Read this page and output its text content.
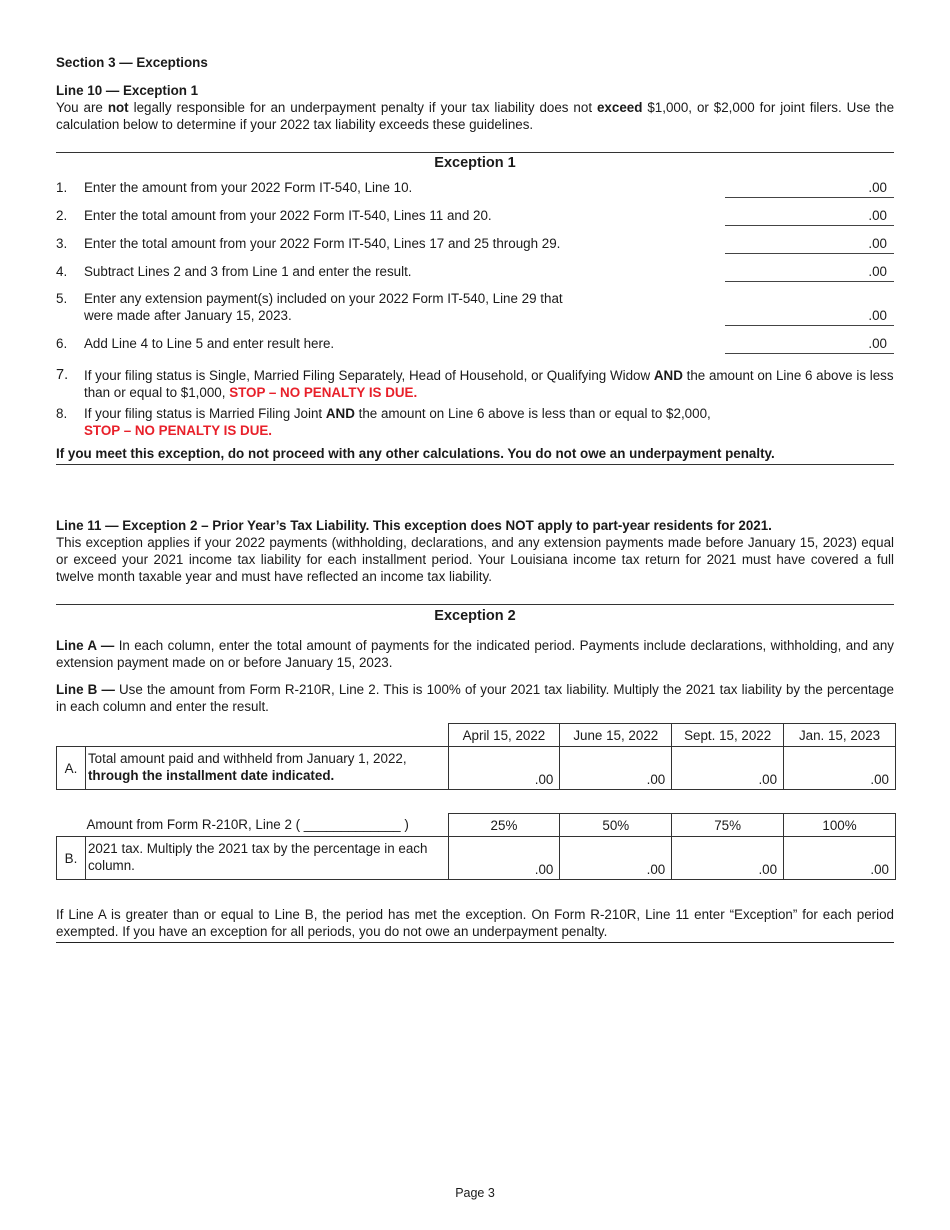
Section 3 — Exceptions
Line 10 — Exception 1
You are not legally responsible for an underpayment penalty if your tax liability does not exceed $1,000, or $2,000 for joint filers. Use the calculation below to determine if your 2022 tax liability exceeds these guidelines.
Exception 1
1.	Enter the amount from your 2022 Form IT-540, Line 10.	.00
2.	Enter the total amount from your 2022 Form IT-540, Lines 11 and 20.	.00
3.	Enter the total amount from your 2022 Form IT-540, Lines 17 and 25 through 29.	.00
4.	Subtract Lines 2 and 3 from Line 1 and enter the result.	.00
5.	Enter any extension payment(s) included on your 2022 Form IT-540, Line 29 that
were made after January 15, 2023.	.00
6.	Add Line 4 to Line 5 and enter result here.	.00
7.	If your filing status is Single, Married Filing Separately, Head of Household, or Qualifying Widow AND the amount on Line 6 above is less than or equal to $1,000, STOP – NO PENALTY IS DUE.
8.	If your filing status is Married Filing Joint AND the amount on Line 6 above is less than or equal to $2,000,
STOP – NO PENALTY IS DUE.
If you meet this exception, do not proceed with any other calculations. You do not owe an underpayment penalty.
Line 11 — Exception 2 – Prior Year’s Tax Liability. This exception does NOT apply to part-year residents for 2021.
This exception applies if your 2022 payments (withholding, declarations, and any extension payments made before January 15, 2023) equal or exceed your 2021 income tax liability for each installment period. Your Louisiana income tax return for 2021 must have covered a full twelve month taxable year and must have reflected an income tax liability.
Exception 2
Line A — In each column, enter the total amount of payments for the indicated period. Payments include declarations, withholding, and any extension payment made on or before January 15, 2023.
Line B — Use the amount from Form R-210R, Line 2. This is 100% of your 2021 tax liability. Multiply the 2021 tax liability by the percentage in each column and enter the result.
		April 15, 2022	June 15, 2022	Sept. 15, 2022	Jan. 15, 2023
A.	Total amount paid and withheld from January 1, 2022,
through the installment date indicated.	.00	.00	.00	.00
Amount from Form R-210R, Line 2 ( _____________ )		25%	50%	75%	100%
B.	2021 tax. Multiply the 2021 tax by the percentage in each column.	.00	.00	.00	.00
If Line A is greater than or equal to Line B, the period has met the exception. On Form R-210R, Line 11 enter “Exception” for each period exempted. If you have an exception for all periods, you do not owe an underpayment penalty.
Page 3
